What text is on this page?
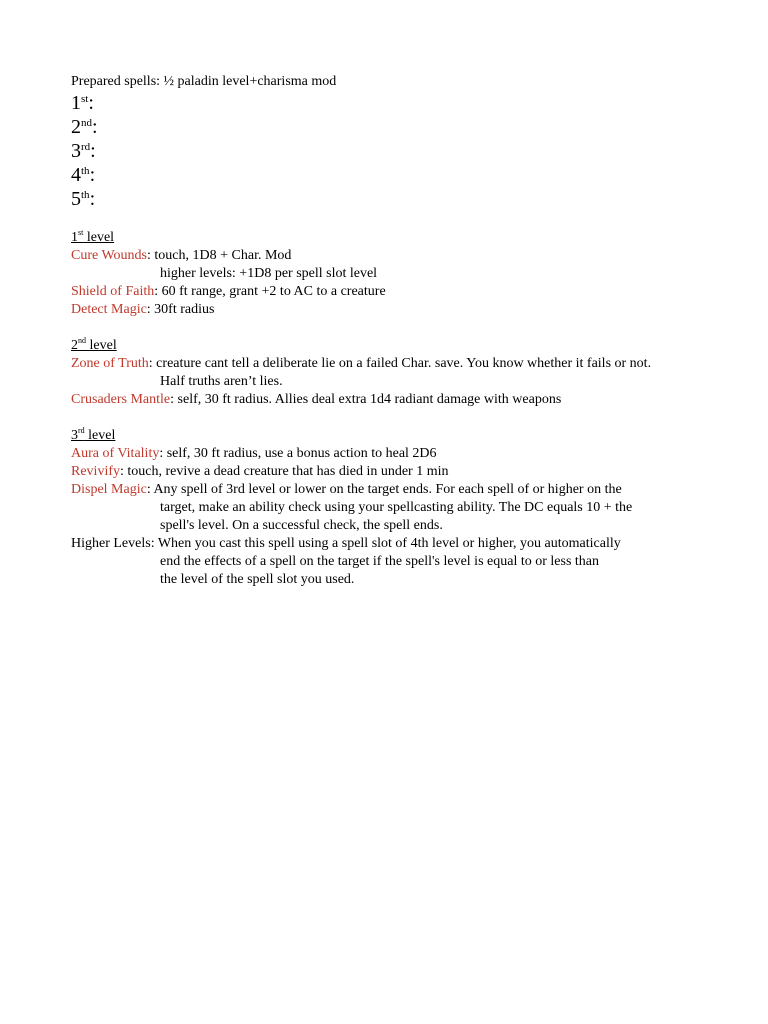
Prepared spells: ½ paladin level+charisma mod
1st:
2nd:
3rd:
4th:
5th:
1st level
Cure Wounds: touch, 1D8 + Char. Mod
higher levels: +1D8 per spell slot level
Shield of Faith: 60 ft range, grant +2 to AC to a creature
Detect Magic: 30ft radius
2nd level
Zone of Truth: creature cant tell a deliberate lie on a failed Char. save. You know whether it fails or not.
Half truths aren’t lies.
Crusaders Mantle: self, 30 ft radius. Allies deal extra 1d4 radiant damage with weapons
3rd level
Aura of Vitality: self, 30 ft radius, use a bonus action to heal 2D6
Revivify: touch, revive a dead creature that has died in under 1 min
Dispel Magic: Any spell of 3rd level or lower on the target ends. For each spell of or higher on the
target, make an ability check using your spellcasting ability. The DC equals 10 + the
spell's level. On a successful check, the spell ends.
Higher Levels: When you cast this spell using a spell slot of 4th level or higher, you automatically
end the effects of a spell on the target if the spell's level is equal to or less than
the level of the spell slot you used.
